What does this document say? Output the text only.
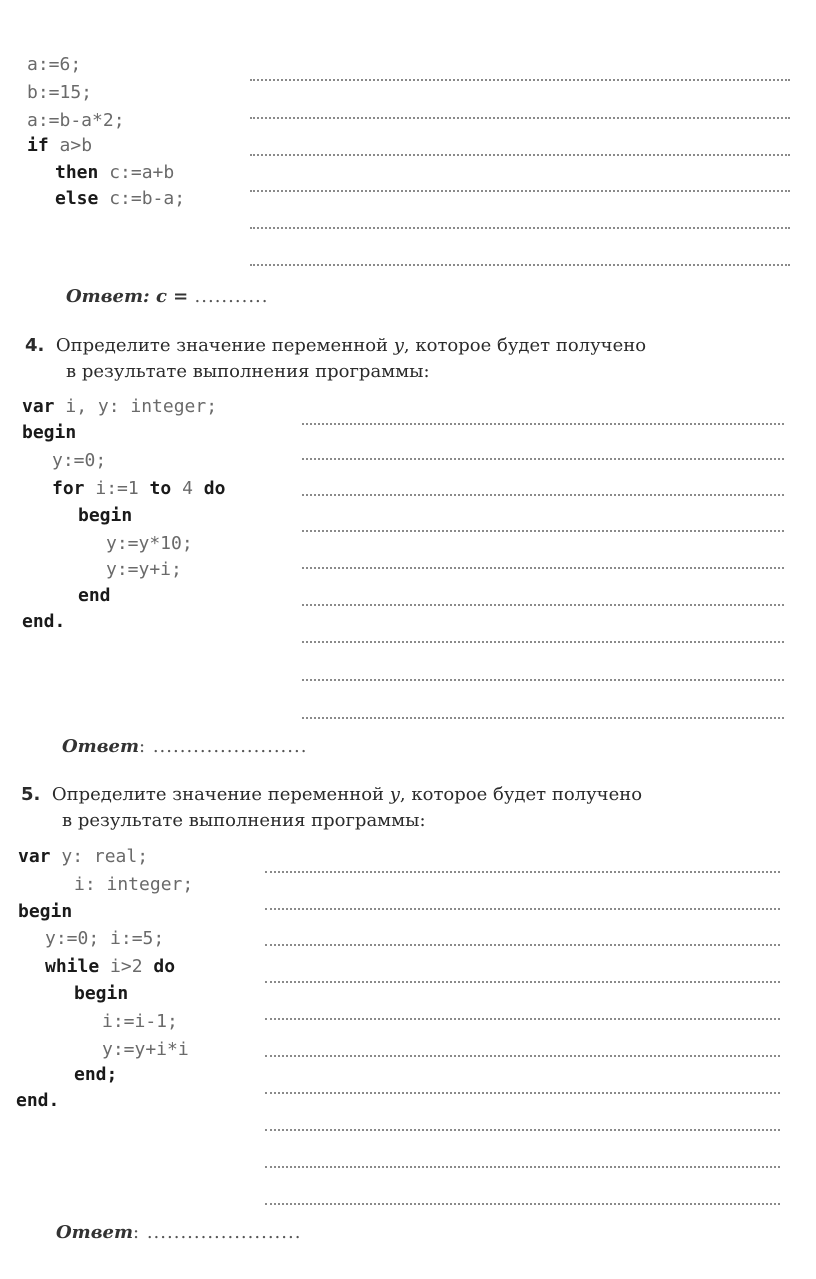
a:=6;
b:=15;
a:=b-a*2;
if a>b
then c:=a+b
else c:=b-a;
Ответ: c = ...........
4. Определите значение переменной y, которое будет получено
в результате выполнения программы:
var i, y: integer;
begin
y:=0;
for i:=1 to 4 do
begin
y:=y*10;
y:=y+i;
end
end.
Ответ: .......................
5. Определите значение переменной y, которое будет получено
в результате выполнения программы:
var y: real;
i: integer;
begin
y:=0; i:=5;
while i>2 do
begin
i:=i-1;
y:=y+i*i
end;
end.
Ответ: .......................
